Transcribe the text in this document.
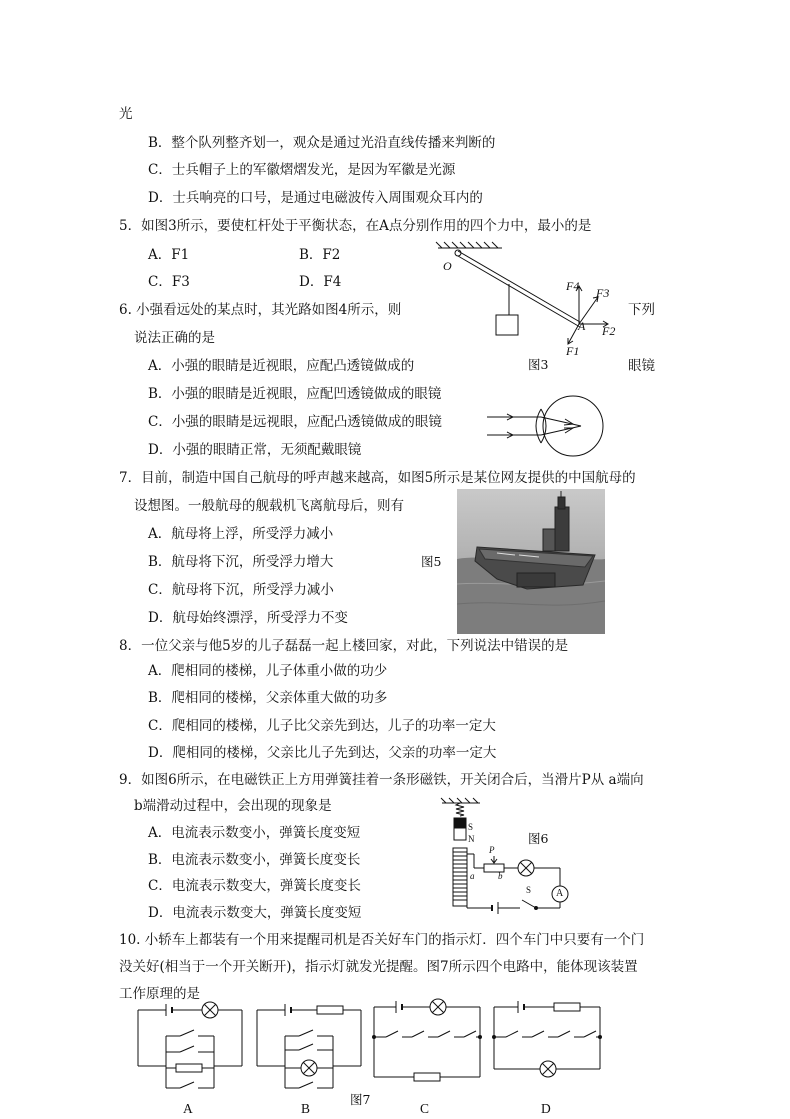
光
B．整个队列整齐划一，观众是通过光沿直线传播来判断的
C．士兵帽子上的军徽熠熠发光，是因为军徽是光源
D．士兵响亮的口号，是通过电磁波传入周围观众耳内的
5．如图3所示，要使杠杆处于平衡状态，在A点分别作用的四个力中，最小的是
A．F1	B．F2
C．F3	D．F4
O
F4 F3
A F2
F1
图3
6. 小强看远处的某点时，其光路如图4所示，则	下列
说法正确的是
A．小强的眼睛是近视眼，应配凸透镜做成的	眼镜
B．小强的眼睛是近视眼，应配凹透镜做成的眼镜
C．小强的眼睛是远视眼，应配凸透镜做成的眼镜
D．小强的眼睛正常，无须配戴眼镜
7．目前，制造中国自己航母的呼声越来越高，如图5所示是某位网友提供的中国航母的
设想图。一般航母的舰载机飞离航母后，则有
A．航母将上浮，所受浮力减小
B．航母将下沉，所受浮力增大	图5
C．航母将下沉，所受浮力减小
D．航母始终漂浮，所受浮力不变
8．一位父亲与他5岁的儿子磊磊一起上楼回家，对此，下列说法中错误的是
A．爬相同的楼梯，儿子体重小做的功少
B．爬相同的楼梯，父亲体重大做的功多
C．爬相同的楼梯，儿子比父亲先到达，儿子的功率一定大
D．爬相同的楼梯，父亲比儿子先到达，父亲的功率一定大
9．如图6所示，在电磁铁正上方用弹簧挂着一条形磁铁，开关闭合后，当滑片P从 a端向
b端滑动过程中，会出现的现象是
A．电流表示数变小，弹簧长度变短
B．电流表示数变小，弹簧长度变长
C．电流表示数变大，弹簧长度变长
D．电流表示数变大，弹簧长度变短
S
N	图6
P
a	b
S A
10. 小轿车上都装有一个用来提醒司机是否关好车门的指示灯．四个车门中只要有一个门
没关好(相当于一个开关断开)，指示灯就发光提醒。图7所示四个电路中，能体现该装置
工作原理的是
A	B
图7
C	D
